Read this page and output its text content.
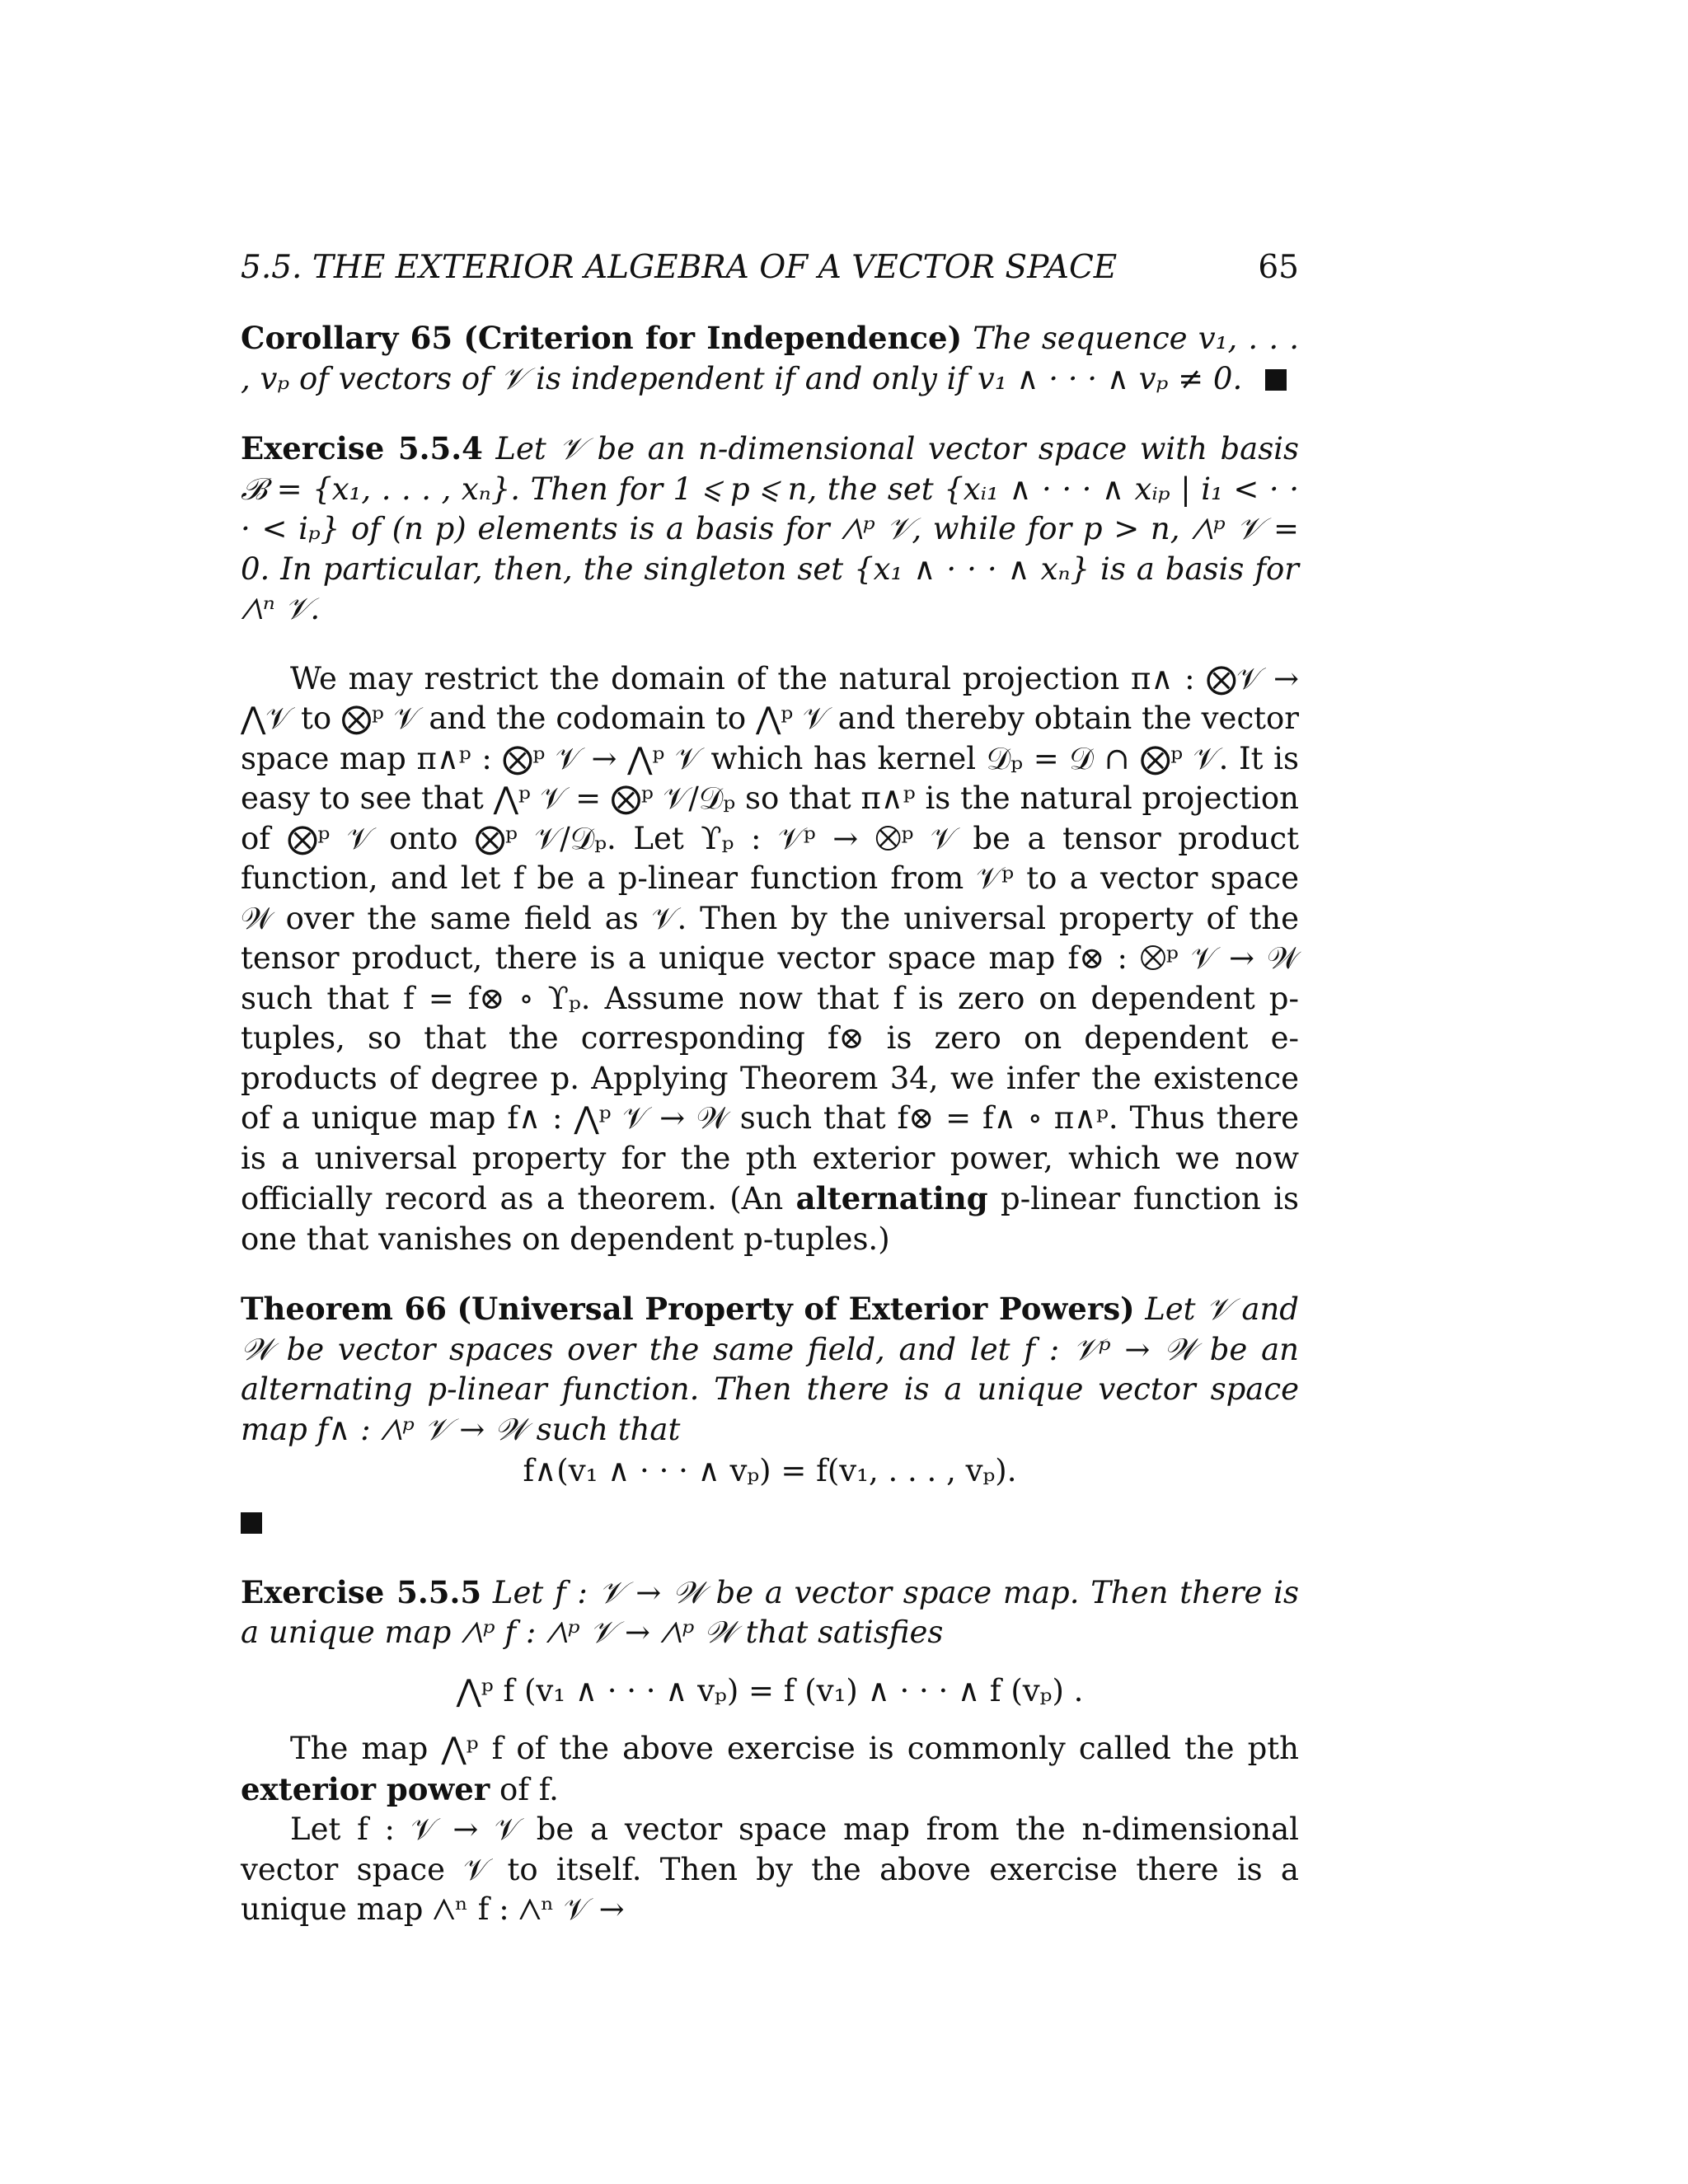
5.5. THE EXTERIOR ALGEBRA OF A VECTOR SPACE	65
Corollary 65 (Criterion for Independence) The sequence v₁, . . . , vₚ of vectors of 𝒱 is independent if and only if v₁ ∧ · · · ∧ vₚ ≠ 0.
Exercise 5.5.4 Let 𝒱 be an n-dimensional vector space with basis ℬ = {x₁, . . . , xₙ}. Then for 1 ⩽ p ⩽ n, the set {xᵢ₁ ∧ · · · ∧ xᵢₚ | i₁ < · · · < iₚ} of (n p) elements is a basis for ⋀ᵖ 𝒱, while for p > n, ⋀ᵖ 𝒱 = 0. In particular, then, the singleton set {x₁ ∧ · · · ∧ xₙ} is a basis for ⋀ⁿ 𝒱.
We may restrict the domain of the natural projection π∧ : ⨂𝒱 → ⋀𝒱 to ⨂ᵖ 𝒱 and the codomain to ⋀ᵖ 𝒱 and thereby obtain the vector space map π∧ᵖ : ⨂ᵖ 𝒱 → ⋀ᵖ 𝒱 which has kernel 𝒟ₚ = 𝒟 ∩ ⨂ᵖ 𝒱. It is easy to see that ⋀ᵖ 𝒱 = ⨂ᵖ 𝒱/𝒟ₚ so that π∧ᵖ is the natural projection of ⨂ᵖ 𝒱 onto ⨂ᵖ 𝒱/𝒟ₚ. Let ϒₚ : 𝒱ᵖ → ⨂ᵖ 𝒱 be a tensor product function, and let f be a p-linear function from 𝒱ᵖ to a vector space 𝒲 over the same field as 𝒱. Then by the universal property of the tensor product, there is a unique vector space map f⊗ : ⨂ᵖ 𝒱 → 𝒲 such that f = f⊗ ∘ ϒₚ. Assume now that f is zero on dependent p-tuples, so that the corresponding f⊗ is zero on dependent e-products of degree p. Applying Theorem 34, we infer the existence of a unique map f∧ : ⋀ᵖ 𝒱 → 𝒲 such that f⊗ = f∧ ∘ π∧ᵖ. Thus there is a universal property for the pth exterior power, which we now officially record as a theorem. (An alternating p-linear function is one that vanishes on dependent p-tuples.)
Theorem 66 (Universal Property of Exterior Powers) Let 𝒱 and 𝒲 be vector spaces over the same field, and let f : 𝒱ᵖ → 𝒲 be an alternating p-linear function. Then there is a unique vector space map f∧ : ⋀ᵖ 𝒱 → 𝒲 such that
f∧(v₁ ∧ · · · ∧ vₚ) = f(v₁, . . . , vₚ).
Exercise 5.5.5 Let f : 𝒱 → 𝒲 be a vector space map. Then there is a unique map ⋀ᵖ f : ⋀ᵖ 𝒱 → ⋀ᵖ 𝒲 that satisfies
⋀ᵖ f (v₁ ∧ · · · ∧ vₚ) = f (v₁) ∧ · · · ∧ f (vₚ) .
The map ⋀ᵖ f of the above exercise is commonly called the pth exterior power of f.
Let f : 𝒱 → 𝒱 be a vector space map from the n-dimensional vector space 𝒱 to itself. Then by the above exercise there is a unique map ⋀ⁿ f : ⋀ⁿ 𝒱 →
